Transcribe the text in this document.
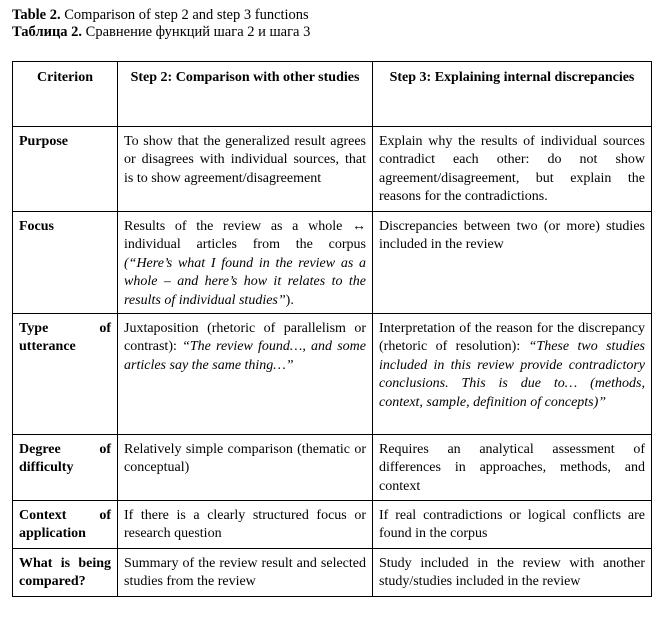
Table 2. Comparison of step 2 and step 3 functions
Таблица 2. Сравнение функций шага 2 и шага 3
Criterion	Step 2: Comparison with other studies	Step 3: Explaining internal discrepancies
Purpose	To show that the generalized result agrees or disagrees with individual sources, that is to show agreement/disagreement	Explain why the results of individual sources contradict each other: do not show agreement/disagreement, but explain the reasons for the contradictions.
Focus	Results of the review as a whole ↔ individual articles from the corpus (“Here’s what I found in the review as a whole – and here’s how it relates to the results of individual studies”).	Discrepancies between two (or more) studies included in the review
Type of utterance	Juxtaposition (rhetoric of parallelism or contrast): “The review found…, and some articles say the same thing…”	Interpretation of the reason for the discrepancy (rhetoric of resolution): “These two studies included in this review provide contradictory conclusions. This is due to… (methods, context, sample, definition of concepts)”
Degree of difficulty	Relatively simple comparison (thematic or conceptual)	Requires an analytical assessment of differences in approaches, methods, and context
Context of application	If there is a clearly structured focus or research question	If real contradictions or logical conflicts are found in the corpus
What is being compared?	Summary of the review result and selected studies from the review	Study included in the review with another study/studies included in the review
